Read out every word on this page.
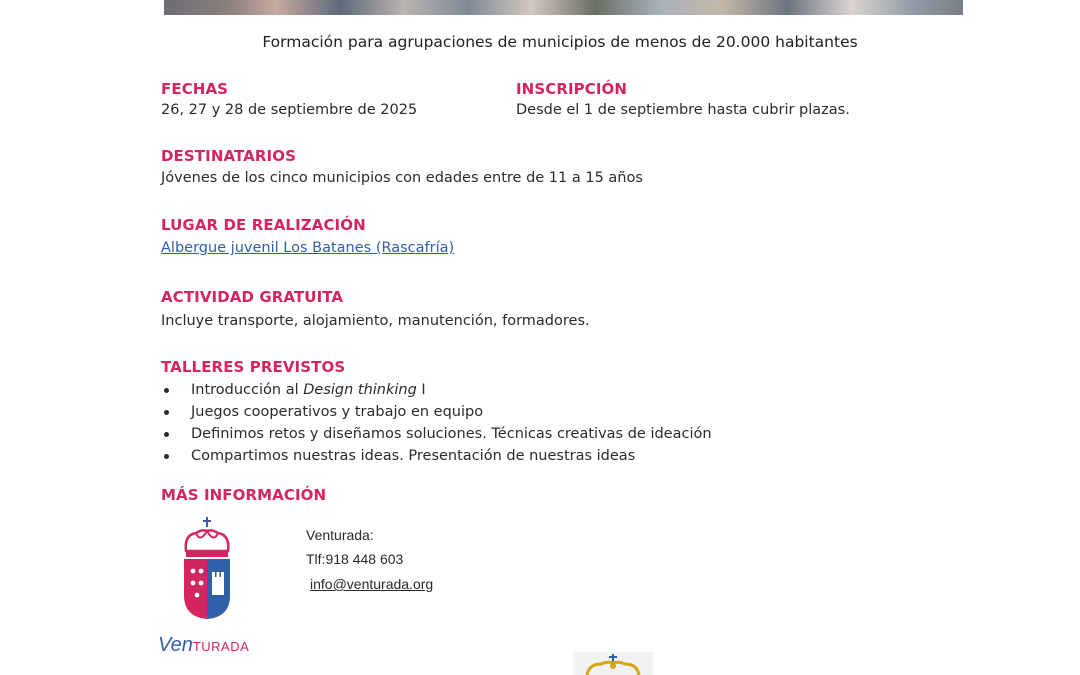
Formación para agrupaciones de municipios de menos de 20.000 habitantes
FECHAS
26, 27 y 28 de septiembre de 2025
INSCRIPCIÓN
Desde el 1 de septiembre hasta cubrir plazas.
DESTINATARIOS
Jóvenes de los cinco municipios con edades entre de 11 a 15 años
LUGAR DE REALIZACIÓN
Albergue juvenil Los Batanes (Rascafría)
ACTIVIDAD GRATUITA
Incluye transporte, alojamiento, manutención, formadores.
TALLERES PREVISTOS
Introducción al Design thinking I
Juegos cooperativos y trabajo en equipo
Definimos retos y diseñamos soluciones. Técnicas creativas de ideación
Compartimos nuestras ideas. Presentación de nuestras ideas
MÁS INFORMACIÓN
Venturada:
Tlf:918 448 603
info@venturada.org
VenTURADA
